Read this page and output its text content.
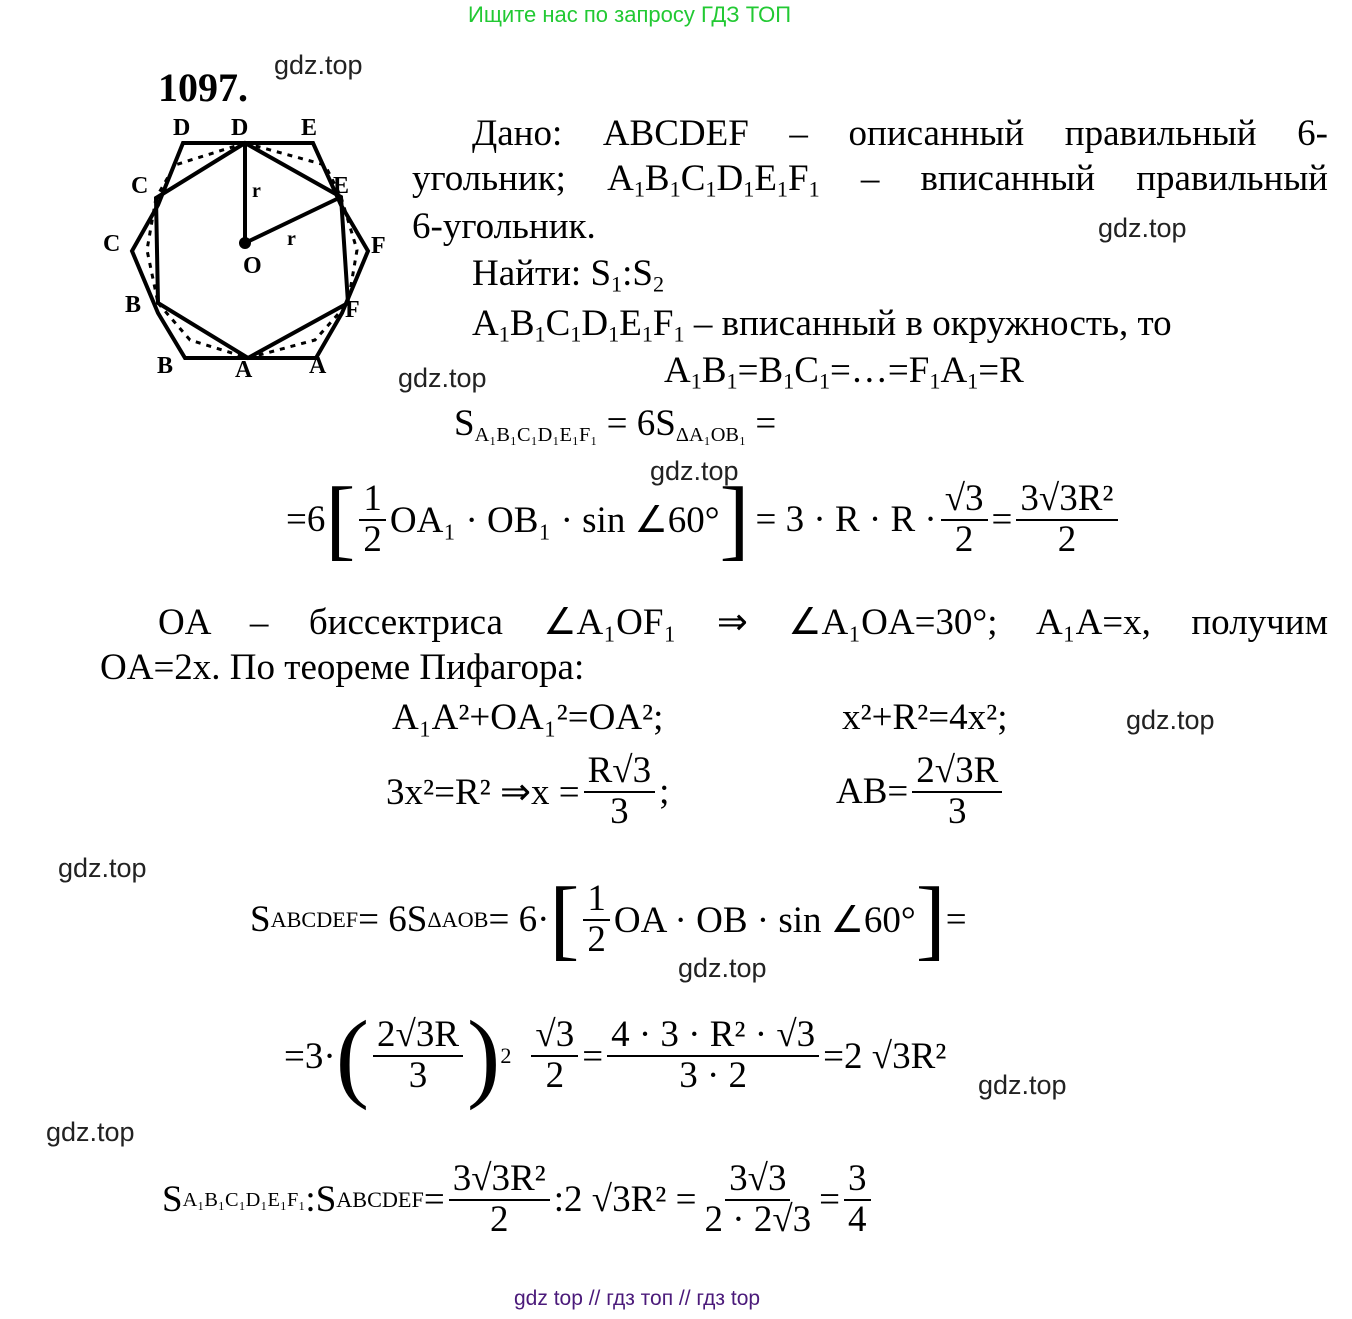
Ищите нас по запросу ГДЗ ТОП
1097. gdz.top
D D E
C	E
C	F
O
B	F
B	A A
r
r
Дано: ABCDEF – описанный правильный 6-
угольник; $A_1B_1C_1D_1E_1F_1$ – вписанный правильный
6-угольник.	gdz.top
Найти: $S_1:S_2$
$A_1B_1C_1D_1E_1F_1$ – вписанный в окружность, то
$A_1B_1=B_1C_1=\dots=F_1A_1=R$
gdz.top
$S_{A_1B_1C_1D_1E_1F_1} = 6S_{\Delta A_1OB_1}$ =
gdz.top
=6 [ $\frac{1}{2} OA_1 \cdot OB_1 \cdot \sin$ ∠60° ] = $3 \cdot R \cdot R \cdot \frac{√3}{2} = \frac{\text{3√3R²}}{2}$
OA – биссектриса ∠A₁OF₁ ⇒ ∠A₁OA=30°; A₁A=x, получим
OA=2x. По теореме Пифагора:
A₁A²+OA₁²=OA²;	x²+R²=4x²;	gdz.top
3x²=R² ⇒x = $\frac{R√3}{3}$ ;	$AB= \frac{2√3R}{3}$
gdz.top
S ABCDEF = 6S ΔAOB = 6· [ $\frac{1}{2}$ OA · OB · sin ∠60° ] =
gdz.top
=3· ( $\frac{2√3R}{3}$ ) $2 \frac{√3}{2} = \frac{\text{4 · 3 · R² · √3}}{3 \cdot 2} =2$ √3R²
gdz.top
gdz.top
S A₁B₁C₁D₁E₁F₁ : S ABCDEF = $\frac{\text{3√3R²}}{2}$ :2 $√3R^2 = \frac{3√3}{2 \cdot 2√3} = \frac{3}{4}$
gdz top // гдз топ // гдз top
